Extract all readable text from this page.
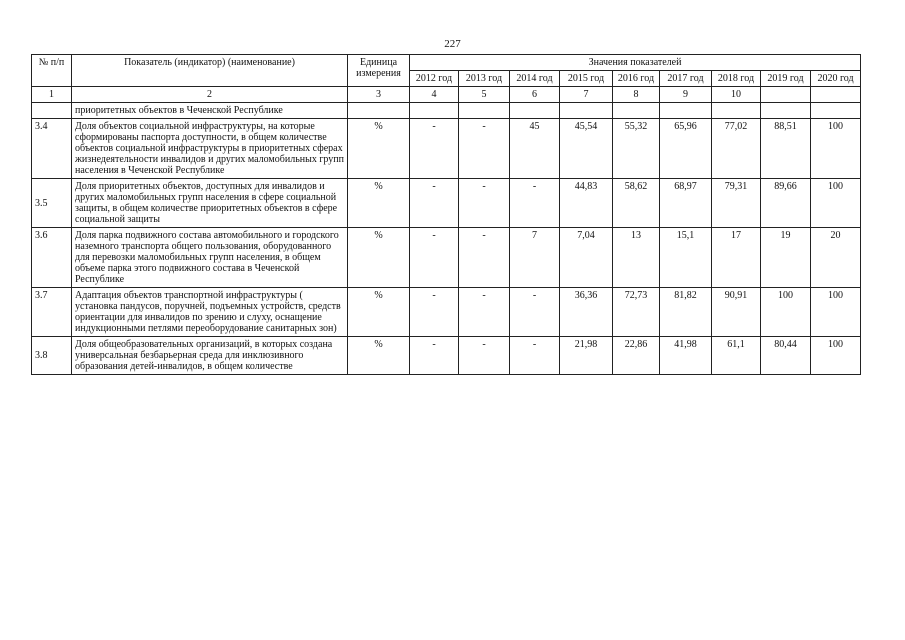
227
№ п/п	Показатель (индикатор) (наименование)	Единица измерения	Значения показателей								
			2012 год	2013 год	2014 год	2015 год	2016 год	2017 год	2018 год	2019 год	2020 год
1	2	3	4	5	6	7	8	9	10		
	приоритетных объектов в Чеченской Республике										
3.4	Доля объектов социальной инфраструктуры, на которые сформированы паспорта доступности, в общем количестве объектов социальной инфраструктуры в приоритетных сферах жизнедеятельности инвалидов и других маломобильных групп населения в Чеченской Республике	%	-	-	45	45,54	55,32	65,96	77,02	88,51	100
3.5	Доля приоритетных объектов, доступных для инвалидов и других маломобильных групп населения в сфере социальной защиты, в общем количестве приоритетных объектов в сфере социальной защиты	%	-	-	-	44,83	58,62	68,97	79,31	89,66	100
3.6	Доля парка подвижного состава автомобильного и городского наземного транспорта общего пользования, оборудованного для перевозки маломобильных групп населения, в общем объеме парка этого подвижного состава в Чеченской Республике	%	-	-	7	7,04	13	15,1	17	19	20
3.7	Адаптация объектов транспортной инфраструктуры ( установка пандусов, поручней, подъемных устройств, средств ориентации для инвалидов по зрению и слуху, оснащение индукционными петлями переоборудование санитарных зон)	%	-	-	-	36,36	72,73	81,82	90,91	100	100
3.8	Доля общеобразовательных организаций, в которых создана универсальная безбарьерная среда для инклюзивного образования детей-инвалидов, в общем количестве	%	-	-	-	21,98	22,86	41,98	61,1	80,44	100
